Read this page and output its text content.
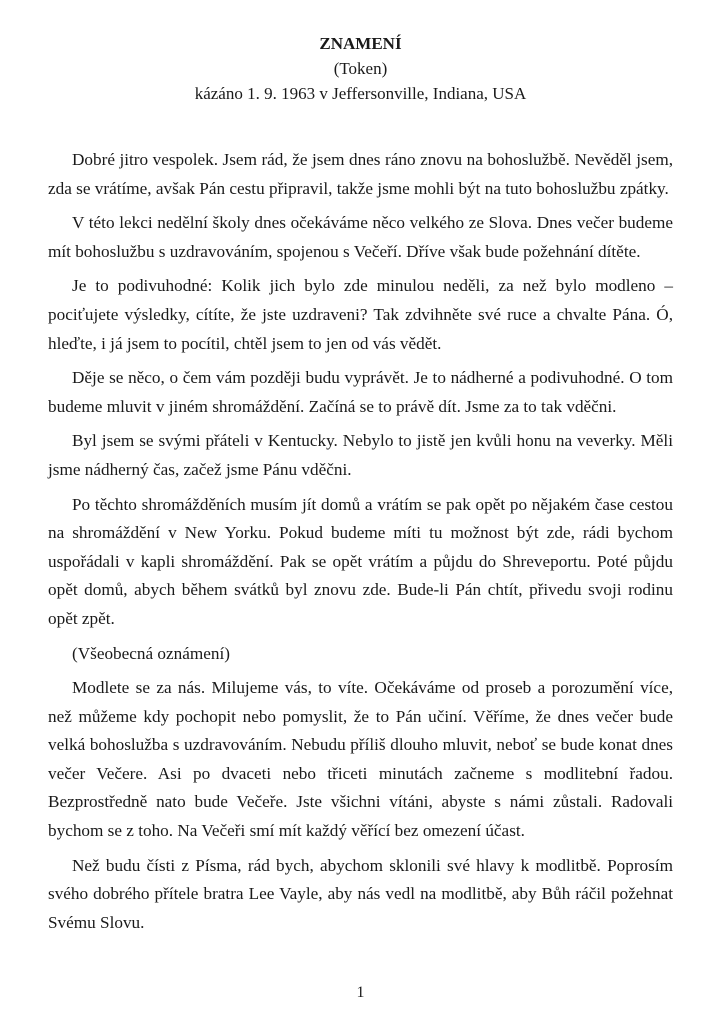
ZNAMENÍ

(Token)

kázáno 1. 9. 1963 v Jeffersonville, Indiana, USA

Dobré jitro vespolek. Jsem rád, že jsem dnes ráno znovu na bohoslužbě. Nevěděl jsem, zda se vrátíme, avšak Pán cestu připravil, takže jsme mohli být na tuto bohoslužbu zpátky.

V této lekci nedělní školy dnes očekáváme něco velkého ze Slova. Dnes večer budeme mít bohoslužbu s uzdravováním, spojenou s Večeří. Dříve však bude požehnání dítěte.

Je to podivuhodné: Kolik jich bylo zde minulou neděli, za než bylo modleno – pociťujete výsledky, cítíte, že jste uzdraveni? Tak zdvihněte své ruce a chvalte Pána. Ó, hleďte, i já jsem to pocítil, chtěl jsem to jen od vás vědět.

Děje se něco, o čem vám později budu vyprávět. Je to nádherné a podivuhodné. O tom budeme mluvit v jiném shromáždění. Začíná se to právě dít. Jsme za to tak vděčni.

Byl jsem se svými přáteli v Kentucky. Nebylo to jistě jen kvůli honu na veverky. Měli jsme nádherný čas, začež jsme Pánu vděčni.

Po těchto shromážděních musím jít domů a vrátím se pak opět po nějakém čase cestou na shromáždění v New Yorku. Pokud budeme míti tu možnost být zde, rádi bychom uspořádali v kapli shromáždění. Pak se opět vrátím a půjdu do Shreveportu. Poté půjdu opět domů, abych během svátků byl znovu zde. Bude-li Pán chtít, přivedu svoji rodinu opět zpět.

(Všeobecná oznámení)

Modlete se za nás. Milujeme vás, to víte. Očekáváme od proseb a porozumění více, než můžeme kdy pochopit nebo pomyslit, že to Pán učiní. Věříme, že dnes večer bude velká bohoslužba s uzdravováním. Nebudu příliš dlouho mluvit, neboť se bude konat dnes večer Večere. Asi po dvaceti nebo třiceti minutách začneme s modlitební řadou. Bezprostředně nato bude Večeře. Jste všichni vítáni, abyste s námi zůstali. Radovali bychom se z toho. Na Večeři smí mít každý věřící bez omezení účast.

Než budu čísti z Písma, rád bych, abychom sklonili své hlavy k modlitbě. Poprosím svého dobrého přítele bratra Lee Vayle, aby nás vedl na modlitbě, aby Bůh ráčil požehnat Svému Slovu.

1
